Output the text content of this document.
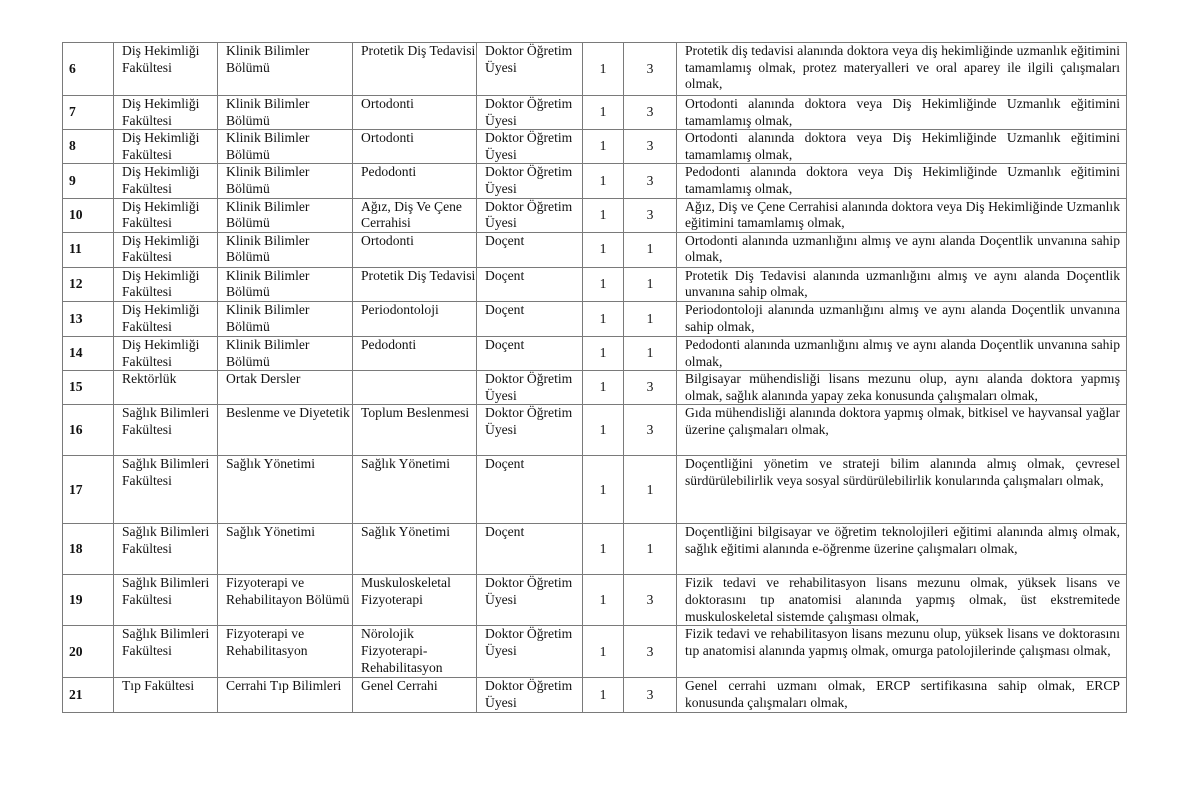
6	Diş Hekimliği Fakültesi	Klinik Bilimler Bölümü	Protetik Diş Tedavisi	Doktor Öğretim Üyesi	1	3	Protetik diş tedavisi alanında doktora veya diş hekimliğinde uzmanlık eğitimini tamamlamış olmak, protez materyalleri ve oral aparey ile ilgili çalışmaları olmak,
7	Diş Hekimliği Fakültesi	Klinik Bilimler Bölümü	Ortodonti	Doktor Öğretim Üyesi	1	3	Ortodonti alanında doktora veya Diş Hekimliğinde Uzmanlık eğitimini tamamlamış olmak,
8	Diş Hekimliği Fakültesi	Klinik Bilimler Bölümü	Ortodonti	Doktor Öğretim Üyesi	1	3	Ortodonti alanında doktora veya Diş Hekimliğinde Uzmanlık eğitimini tamamlamış olmak,
9	Diş Hekimliği Fakültesi	Klinik Bilimler Bölümü	Pedodonti	Doktor Öğretim Üyesi	1	3	Pedodonti alanında doktora veya Diş Hekimliğinde Uzmanlık eğitimini tamamlamış olmak,
10	Diş Hekimliği Fakültesi	Klinik Bilimler Bölümü	Ağız, Diş Ve Çene Cerrahisi	Doktor Öğretim Üyesi	1	3	Ağız, Diş ve Çene Cerrahisi alanında doktora veya Diş Hekimliğinde Uzmanlık eğitimini tamamlamış olmak,
11	Diş Hekimliği Fakültesi	Klinik Bilimler Bölümü	Ortodonti	Doçent	1	1	Ortodonti alanında uzmanlığını almış ve aynı alanda Doçentlik unvanına sahip olmak,
12	Diş Hekimliği Fakültesi	Klinik Bilimler Bölümü	Protetik Diş Tedavisi	Doçent	1	1	Protetik Diş Tedavisi alanında uzmanlığını almış ve aynı alanda Doçentlik unvanına sahip olmak,
13	Diş Hekimliği Fakültesi	Klinik Bilimler Bölümü	Periodontoloji	Doçent	1	1	Periodontoloji alanında uzmanlığını almış ve aynı alanda Doçentlik unvanına sahip olmak,
14	Diş Hekimliği Fakültesi	Klinik Bilimler Bölümü	Pedodonti	Doçent	1	1	Pedodonti alanında uzmanlığını almış ve aynı alanda Doçentlik unvanına sahip olmak,
15	Rektörlük	Ortak Dersler		Doktor Öğretim Üyesi	1	3	Bilgisayar mühendisliği lisans mezunu olup, aynı alanda doktora yapmış olmak, sağlık alanında yapay zeka konusunda çalışmaları olmak,
16	Sağlık Bilimleri Fakültesi	Beslenme ve Diyetetik	Toplum Beslenmesi	Doktor Öğretim Üyesi	1	3	Gıda mühendisliği alanında doktora yapmış olmak, bitkisel ve hayvansal yağlar üzerine çalışmaları olmak,
17	Sağlık Bilimleri Fakültesi	Sağlık Yönetimi	Sağlık Yönetimi	Doçent	1	1	Doçentliğini yönetim ve strateji bilim alanında almış olmak, çevresel sürdürülebilirlik veya sosyal sürdürülebilirlik konularında çalışmaları olmak,
18	Sağlık Bilimleri Fakültesi	Sağlık Yönetimi	Sağlık Yönetimi	Doçent	1	1	Doçentliğini bilgisayar ve öğretim teknolojileri eğitimi alanında almış olmak, sağlık eğitimi alanında e-öğrenme üzerine çalışmaları olmak,
19	Sağlık Bilimleri Fakültesi	Fizyoterapi ve Rehabilitayon Bölümü	Muskuloskeletal Fizyoterapi	Doktor Öğretim Üyesi	1	3	Fizik tedavi ve rehabilitasyon lisans mezunu olmak, yüksek lisans ve doktorasını tıp anatomisi alanında yapmış olmak, üst ekstremitede muskuloskeletal sistemde çalışması olmak,
20	Sağlık Bilimleri Fakültesi	Fizyoterapi ve Rehabilitasyon	Nörolojik Fizyoterapi-Rehabilitasyon	Doktor Öğretim Üyesi	1	3	Fizik tedavi ve rehabilitasyon lisans mezunu olup, yüksek lisans ve doktorasını tıp anatomisi alanında yapmış olmak, omurga patolojilerinde çalışması olmak,
21	Tıp Fakültesi	Cerrahi Tıp Bilimleri	Genel Cerrahi	Doktor Öğretim Üyesi	1	3	Genel cerrahi uzmanı olmak, ERCP sertifikasına sahip olmak, ERCP konusunda çalışmaları olmak,
